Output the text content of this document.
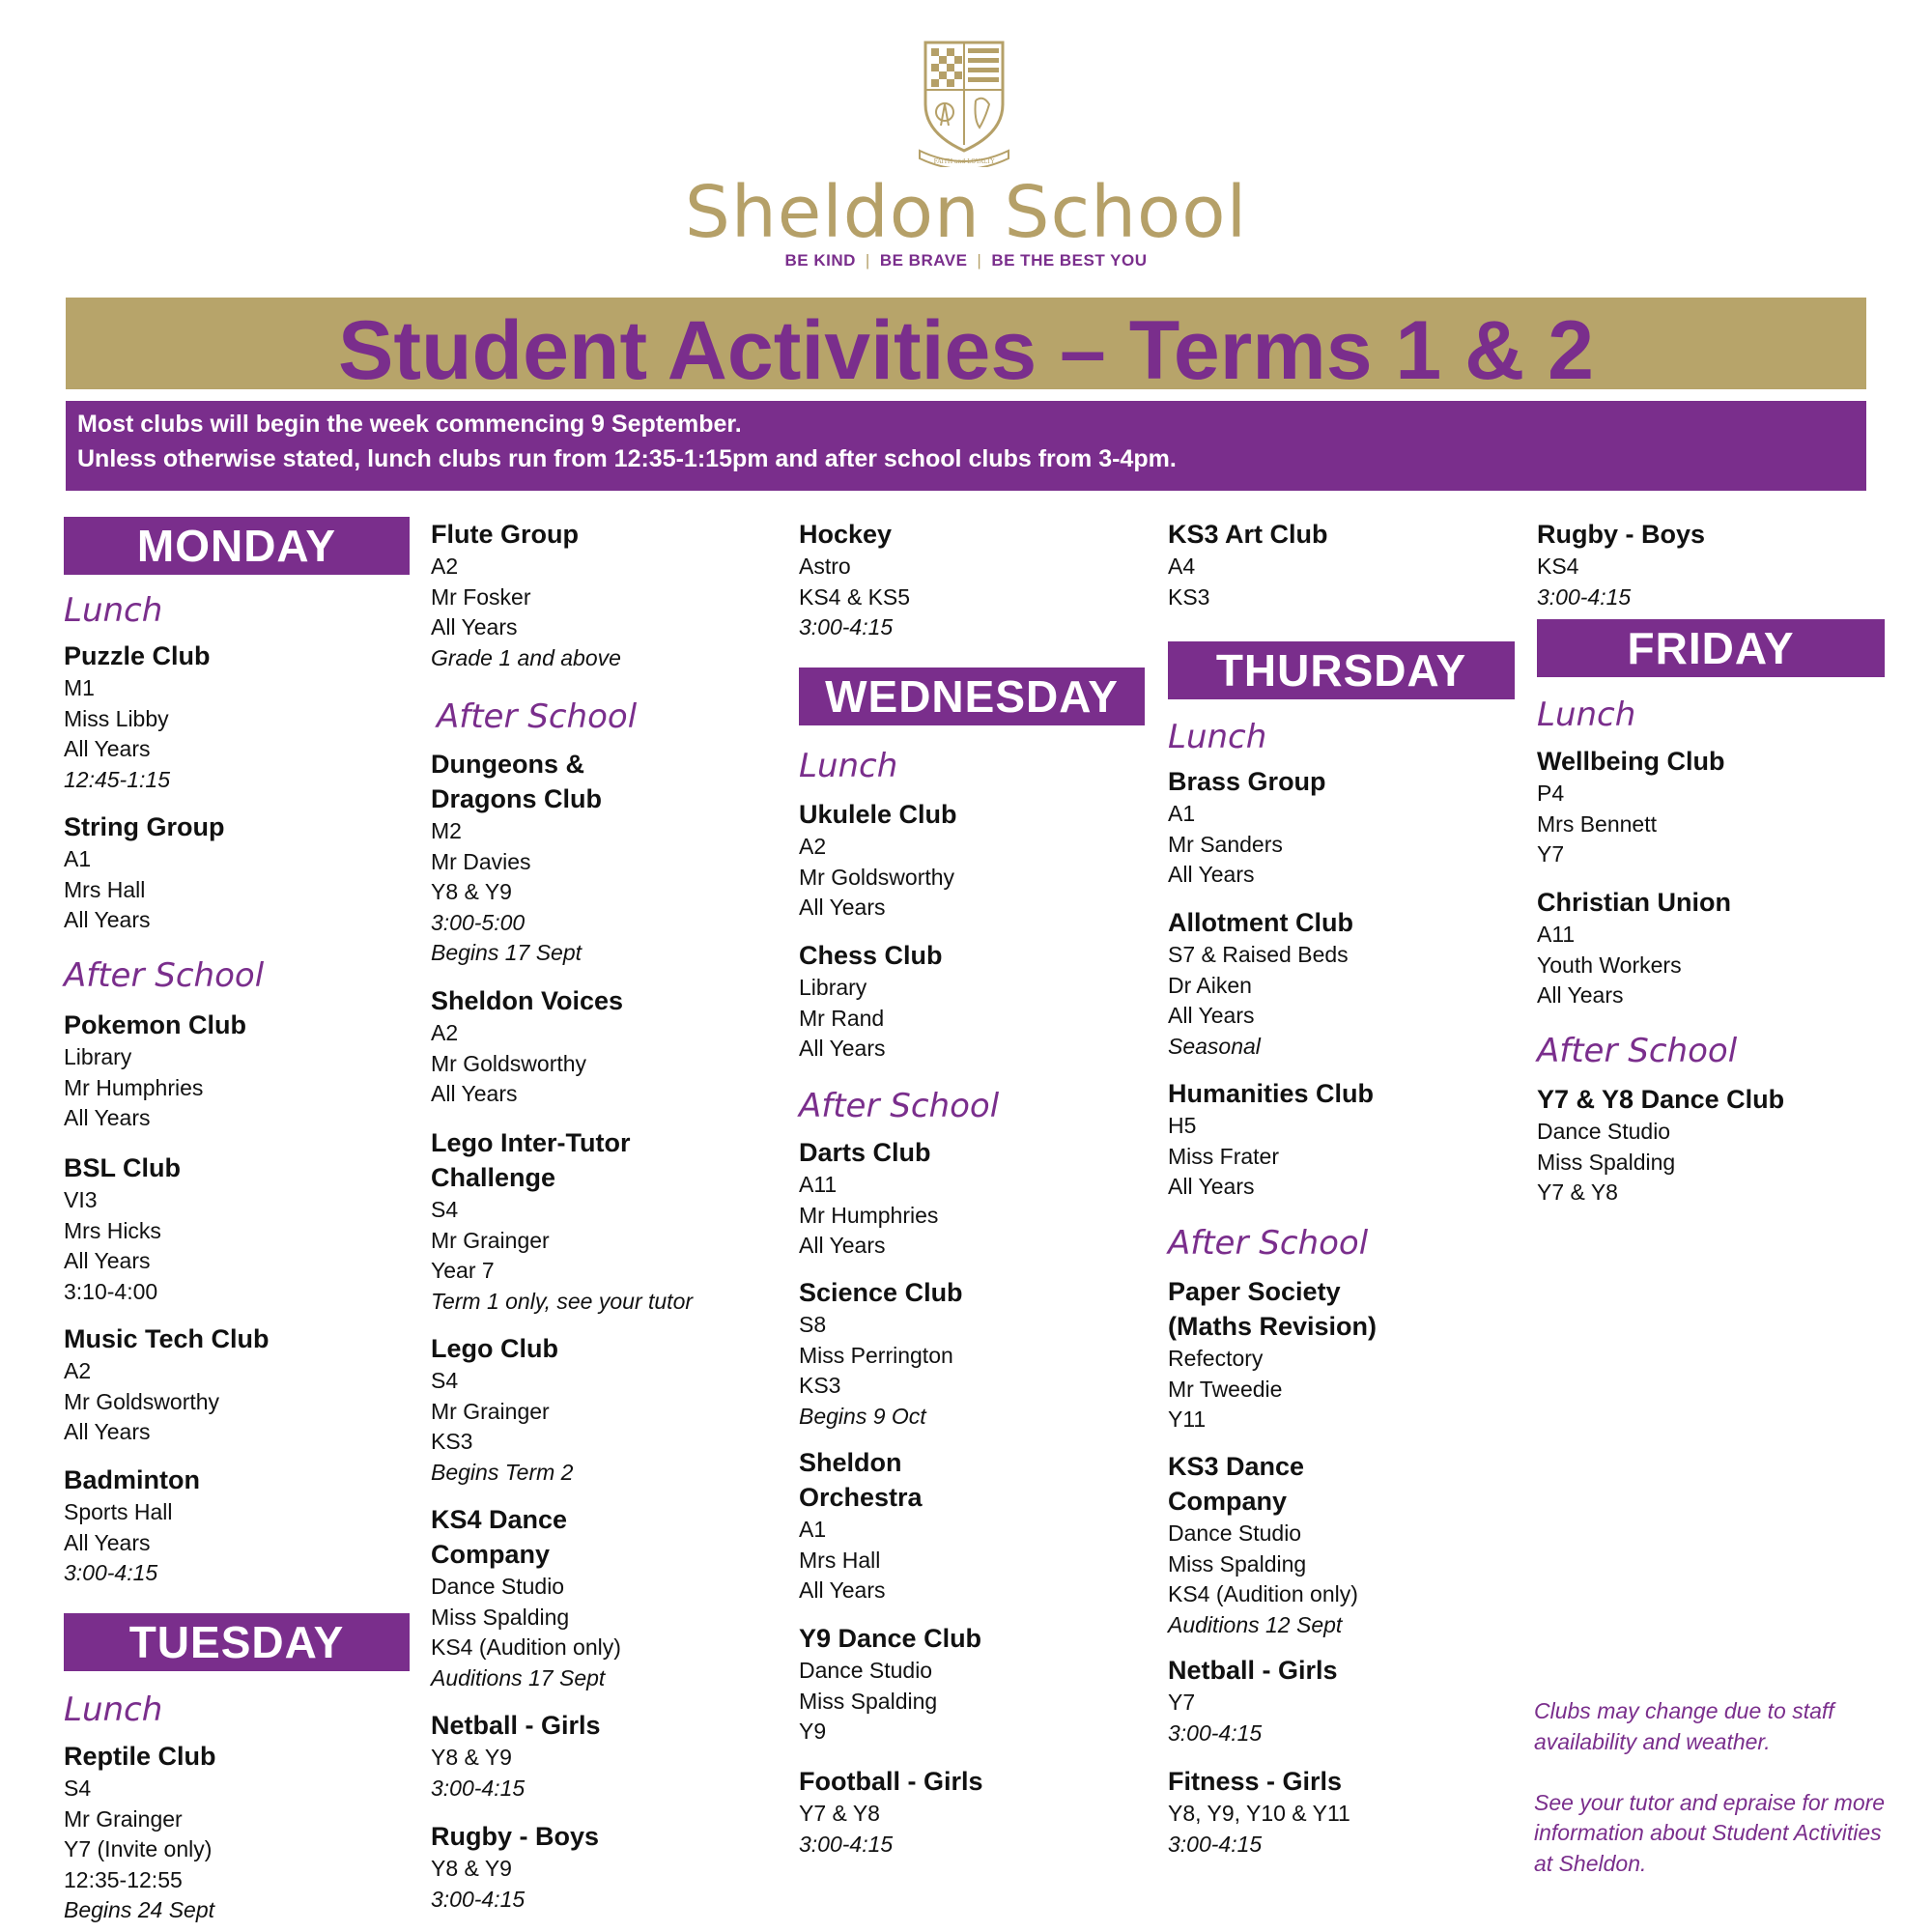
FAITH and LOYALTY
Sheldon School
BE KIND | BE BRAVE | BE THE BEST YOU
Student Activities – Terms 1 & 2
Most clubs will begin the week commencing 9 September.
Unless otherwise stated, lunch clubs run from 12:35-1:15pm and after school clubs from 3-4pm.
MONDAY
Lunch
Puzzle Club
M1
Miss Libby
All Years
12:45-1:15
String Group
A1
Mrs Hall
All Years
After School
Pokemon Club
Library
Mr Humphries
All Years
BSL Club
VI3
Mrs Hicks
All Years
3:10-4:00
Music Tech Club
A2
Mr Goldsworthy
All Years
Badminton
Sports Hall
All Years
3:00-4:15
TUESDAY
Lunch
Reptile Club
S4
Mr Grainger
Y7 (Invite only)
12:35-12:55
Begins 24 Sept
Flute Group
A2
Mr Fosker
All Years
Grade 1 and above
After School
Dungeons &
Dragons Club
M2
Mr Davies
Y8 & Y9
3:00-5:00
Begins 17 Sept
Sheldon Voices
A2
Mr Goldsworthy
All Years
Lego Inter-Tutor
Challenge
S4
Mr Grainger
Year 7
Term 1 only, see your tutor
Lego Club
S4
Mr Grainger
KS3
Begins Term 2
KS4 Dance
Company
Dance Studio
Miss Spalding
KS4 (Audition only)
Auditions 17 Sept
Netball - Girls
Y8 & Y9
3:00-4:15
Rugby - Boys
Y8 & Y9
3:00-4:15
Hockey
Astro
KS4 & KS5
3:00-4:15
WEDNESDAY
Lunch
Ukulele Club
A2
Mr Goldsworthy
All Years
Chess Club
Library
Mr Rand
All Years
After School
Darts Club
A11
Mr Humphries
All Years
Science Club
S8
Miss Perrington
KS3
Begins 9 Oct
Sheldon
Orchestra
A1
Mrs Hall
All Years
Y9 Dance Club
Dance Studio
Miss Spalding
Y9
Football - Girls
Y7 & Y8
3:00-4:15
KS3 Art Club
A4
KS3
THURSDAY
Lunch
Brass Group
A1
Mr Sanders
All Years
Allotment Club
S7 & Raised Beds
Dr Aiken
All Years
Seasonal
Humanities Club
H5
Miss Frater
All Years
After School
Paper Society
(Maths Revision)
Refectory
Mr Tweedie
Y11
KS3 Dance
Company
Dance Studio
Miss Spalding
KS4 (Audition only)
Auditions 12 Sept
Netball - Girls
Y7
3:00-4:15
Fitness - Girls
Y8, Y9, Y10 & Y11
3:00-4:15
Rugby - Boys
KS4
3:00-4:15
FRIDAY
Lunch
Wellbeing Club
P4
Mrs Bennett
Y7
Christian Union
A11
Youth Workers
All Years
After School
Y7 & Y8 Dance Club
Dance Studio
Miss Spalding
Y7 & Y8

Clubs may change due to staff availability and weather.

See your tutor and epraise for more information about Student Activities at Sheldon.
